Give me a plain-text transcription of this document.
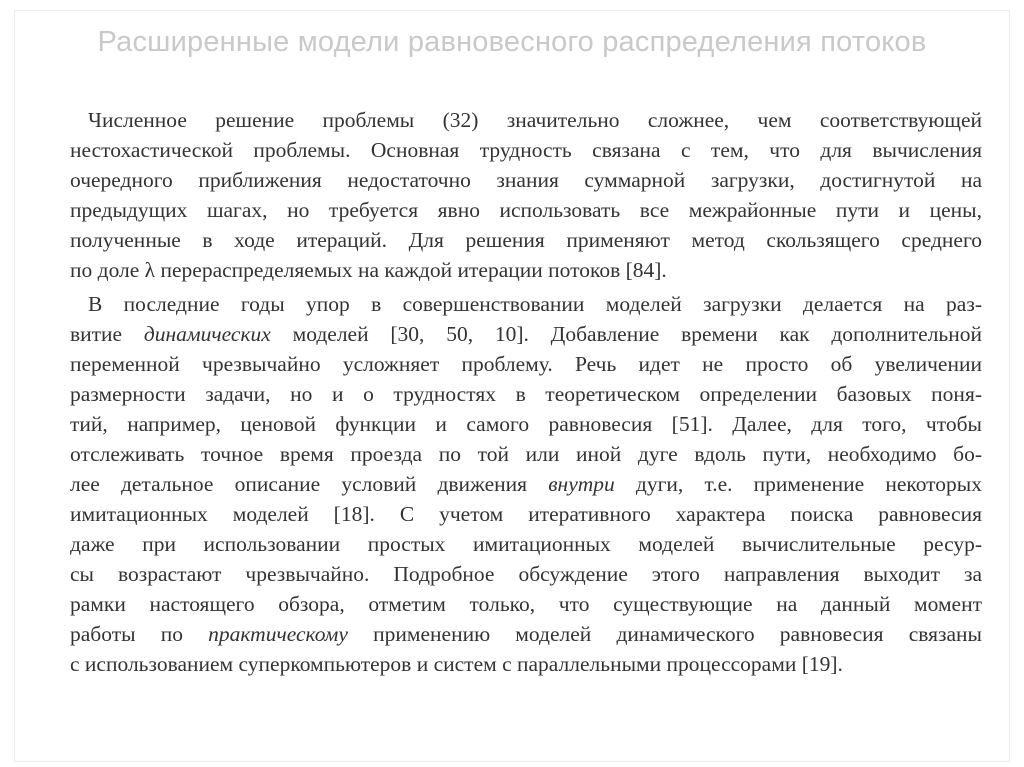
Расширенные модели равновесного распределения потоков
Численное решение проблемы (32) значительно сложнее, чем соответствующей
нестохастической проблемы. Основная трудность связана с тем, что для вычисления
очередного приближения недостаточно знания суммарной загрузки, достигнутой на
предыдущих шагах, но требуется явно использовать все межрайонные пути и цены,
полученные в ходе итераций. Для решения применяют метод скользящего среднего
по доле λ перераспределяемых на каждой итерации потоков [84].
В последние годы упор в совершенствовании моделей загрузки делается на раз-
витие динамических моделей [30, 50, 10]. Добавление времени как дополнительной
переменной чрезвычайно усложняет проблему. Речь идет не просто об увеличении
размерности задачи, но и о трудностях в теоретическом определении базовых поня-
тий, например, ценовой функции и самого равновесия [51]. Далее, для того, чтобы
отслеживать точное время проезда по той или иной дуге вдоль пути, необходимо бо-
лее детальное описание условий движения внутри дуги, т.е. применение некоторых
имитационных моделей [18]. С учетом итеративного характера поиска равновесия
даже при использовании простых имитационных моделей вычислительные ресур-
сы возрастают чрезвычайно. Подробное обсуждение этого направления выходит за
рамки настоящего обзора, отметим только, что существующие на данный момент
работы по практическому применению моделей динамического равновесия связаны
с использованием суперкомпьютеров и систем с параллельными процессорами [19].
